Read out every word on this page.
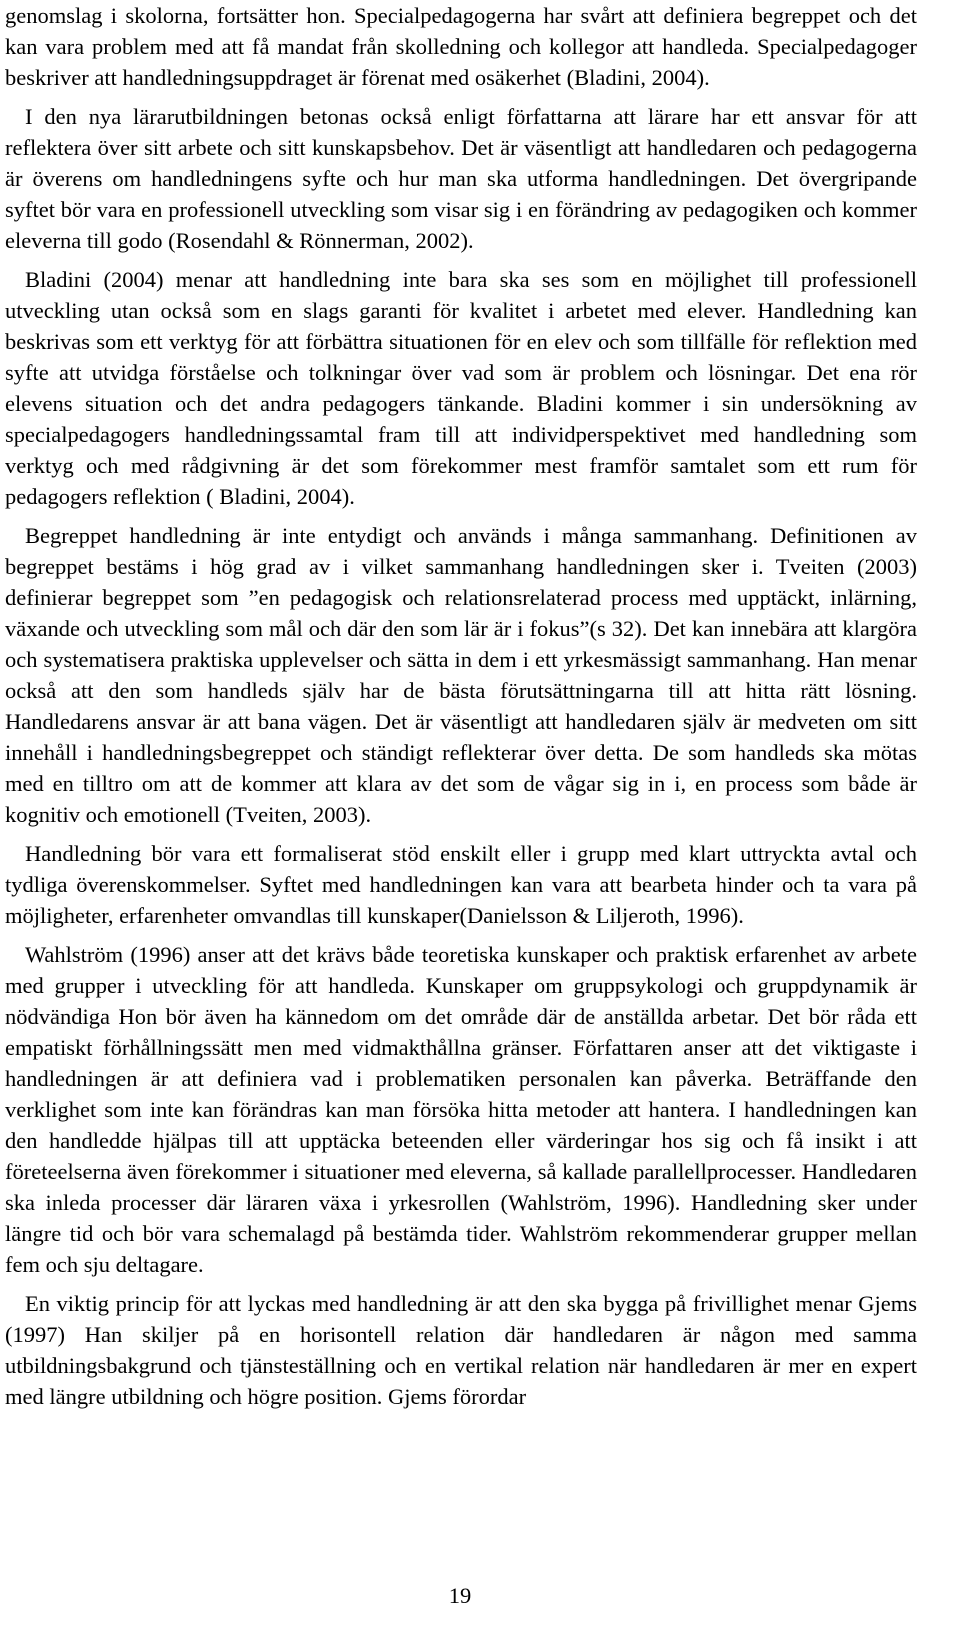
genomslag i skolorna, fortsätter hon. Specialpedagogerna har svårt att definiera begreppet och det kan vara problem med att få mandat från skolledning och kollegor att handleda. Specialpedagoger beskriver att handledningsuppdraget är förenat med osäkerhet (Bladini, 2004).

I den nya lärarutbildningen betonas också enligt författarna att lärare har ett ansvar för att reflektera över sitt arbete och sitt kunskapsbehov. Det är väsentligt att handledaren och pedagogerna är överens om handledningens syfte och hur man ska utforma handledningen. Det övergripande syftet bör vara en professionell utveckling som visar sig i en förändring av pedagogiken och kommer eleverna till godo (Rosendahl & Rönnerman, 2002).

Bladini (2004) menar att handledning inte bara ska ses som en möjlighet till professionell utveckling utan också som en slags garanti för kvalitet i arbetet med elever. Handledning kan beskrivas som ett verktyg för att förbättra situationen för en elev och som tillfälle för reflektion med syfte att utvidga förståelse och tolkningar över vad som är problem och lösningar. Det ena rör elevens situation och det andra pedagogers tänkande. Bladini kommer i sin undersökning av specialpedagogers handledningssamtal fram till att individperspektivet med handledning som verktyg och med rådgivning är det som förekommer mest framför samtalet som ett rum för pedagogers reflektion ( Bladini, 2004).

Begreppet handledning är inte entydigt och används i många sammanhang. Definitionen av begreppet bestäms i hög grad av i vilket sammanhang handledningen sker i. Tveiten (2003) definierar begreppet som ”en pedagogisk och relationsrelaterad process med upptäckt, inlärning, växande och utveckling som mål och där den som lär är i fokus”(s 32). Det kan innebära att klargöra och systematisera praktiska upplevelser och sätta in dem i ett yrkesmässigt sammanhang. Han menar också att den som handleds själv har de bästa förutsättningarna till att hitta rätt lösning. Handledarens ansvar är att bana vägen. Det är väsentligt att handledaren själv är medveten om sitt innehåll i handledningsbegreppet och ständigt reflekterar över detta. De som handleds ska mötas med en tilltro om att de kommer att klara av det som de vågar sig in i, en process som både är kognitiv och emotionell (Tveiten, 2003).

Handledning bör vara ett formaliserat stöd enskilt eller i grupp med klart uttryckta avtal och tydliga överenskommelser. Syftet med handledningen kan vara att bearbeta hinder och ta vara på möjligheter, erfarenheter omvandlas till kunskaper(Danielsson & Liljeroth, 1996).

Wahlström (1996) anser att det krävs både teoretiska kunskaper och praktisk erfarenhet av arbete med grupper i utveckling för att handleda. Kunskaper om gruppsykologi och gruppdynamik är nödvändiga Hon bör även ha kännedom om det område där de anställda arbetar. Det bör råda ett empatiskt förhållningssätt men med vidmakthållna gränser. Författaren anser att det viktigaste i handledningen är att definiera vad i problematiken personalen kan påverka. Beträffande den verklighet som inte kan förändras kan man försöka hitta metoder att hantera. I handledningen kan den handledde hjälpas till att upptäcka beteenden eller värderingar hos sig och få insikt i att företeelserna även förekommer i situationer med eleverna, så kallade parallellprocesser. Handledaren ska inleda processer där läraren växa i yrkesrollen (Wahlström, 1996). Handledning sker under längre tid och bör vara schemalagd på bestämda tider. Wahlström rekommenderar grupper mellan fem och sju deltagare.

En viktig princip för att lyckas med handledning är att den ska bygga på frivillighet menar Gjems (1997) Han skiljer på en horisontell relation där handledaren är någon med samma utbildningsbakgrund och tjänsteställning och en vertikal relation när handledaren är mer en expert med längre utbildning och högre position. Gjems förordar

19
